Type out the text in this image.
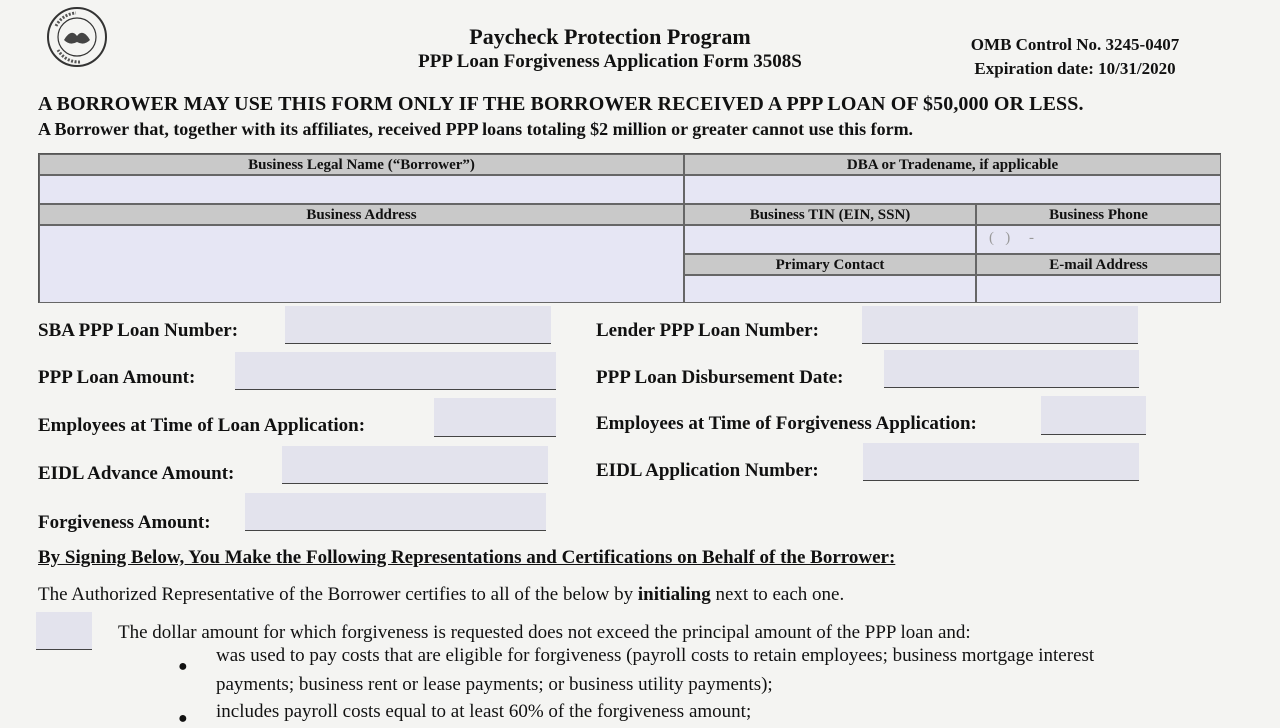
Paycheck Protection Program
PPP Loan Forgiveness Application Form 3508S
OMB Control No. 3245-0407
Expiration date: 10/31/2020
A BORROWER MAY USE THIS FORM ONLY IF THE BORROWER RECEIVED A PPP LOAN OF $50,000 OR LESS.
A Borrower that, together with its affiliates, received PPP loans totaling $2 million or greater cannot use this form.
Business Legal Name (“Borrower”)	DBA or Tradename, if applicable
Business Address	Business TIN (EIN, SSN)	Business Phone
(   )     -
Primary Contact	E-mail Address
SBA PPP Loan Number:	Lender PPP Loan Number:
PPP Loan Amount:	PPP Loan Disbursement Date:
Employees at Time of Loan Application:	Employees at Time of Forgiveness Application:
EIDL Advance Amount:	EIDL Application Number:
Forgiveness Amount:
By Signing Below, You Make the Following Representations and Certifications on Behalf of the Borrower:
The Authorized Representative of the Borrower certifies to all of the below by initialing next to each one.
The dollar amount for which forgiveness is requested does not exceed the principal amount of the PPP loan and:
●
was used to pay costs that are eligible for forgiveness (payroll costs to retain employees; business mortgage interest
payments; business rent or lease payments; or business utility payments);
● includes payroll costs equal to at least 60% of the forgiveness amount;
